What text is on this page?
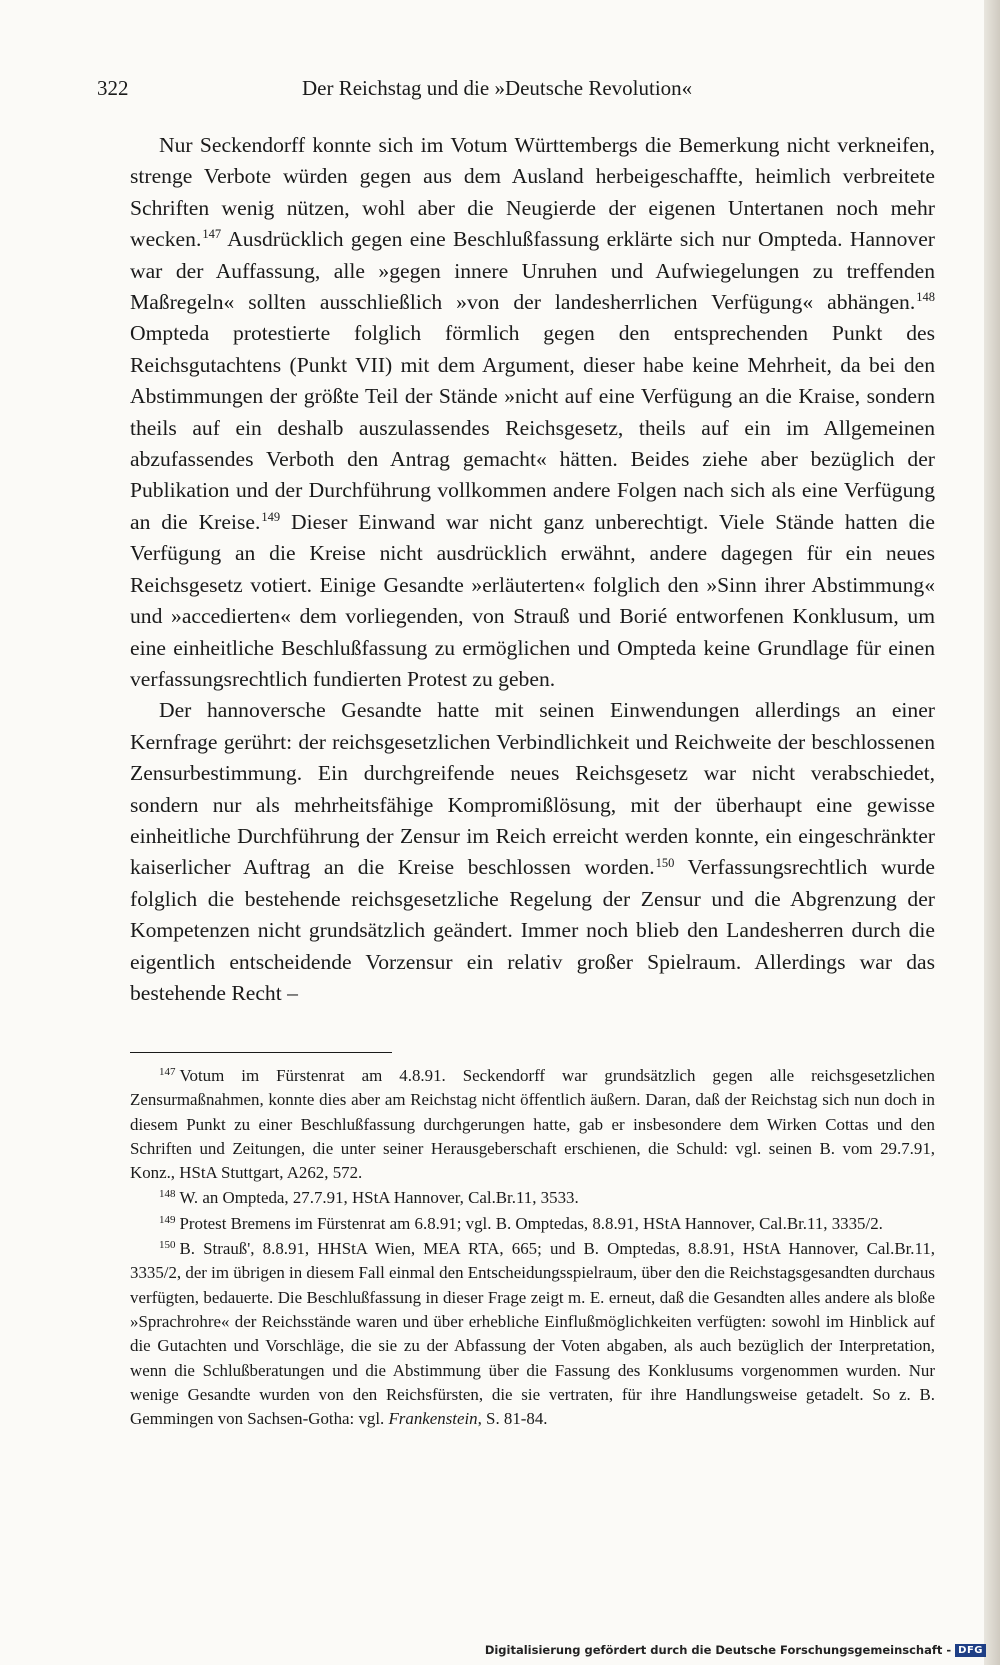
322	Der Reichstag und die »Deutsche Revolution«

Nur Seckendorff konnte sich im Votum Württembergs die Bemerkung nicht verkneifen, strenge Verbote würden gegen aus dem Ausland herbeigeschaffte, heimlich verbreitete Schriften wenig nützen, wohl aber die Neugierde der eigenen Untertanen noch mehr wecken.$^{147}$ Ausdrücklich gegen eine Beschlußfassung erklärte sich nur Ompteda. Hannover war der Auffassung, alle »gegen innere Unruhen und Aufwiegelungen zu treffenden Maßregeln« sollten ausschließlich »von der landesherrlichen Verfügung« abhängen.$^{148}$ Ompteda protestierte folglich förmlich gegen den entsprechenden Punkt des Reichsgutachtens (Punkt VII) mit dem Argument, dieser habe keine Mehrheit, da bei den Abstimmungen der größte Teil der Stände »nicht auf eine Verfügung an die Kraise, sondern theils auf ein deshalb auszulassendes Reichsgesetz, theils auf ein im Allgemeinen abzufassendes Verboth den Antrag gemacht« hätten. Beides ziehe aber bezüglich der Publikation und der Durchführung vollkommen andere Folgen nach sich als eine Verfügung an die Kreise.$^{149}$ Dieser Einwand war nicht ganz unberechtigt. Viele Stände hatten die Verfügung an die Kreise nicht ausdrücklich erwähnt, andere dagegen für ein neues Reichsgesetz votiert. Einige Gesandte »erläuterten« folglich den »Sinn ihrer Abstimmung« und »accedierten« dem vorliegenden, von Strauß und Borié entworfenen Konklusum, um eine einheitliche Beschlußfassung zu ermöglichen und Ompteda keine Grundlage für einen verfassungsrechtlich fundierten Protest zu geben.

Der hannoversche Gesandte hatte mit seinen Einwendungen allerdings an einer Kernfrage gerührt: der reichsgesetzlichen Verbindlichkeit und Reichweite der beschlossenen Zensurbestimmung. Ein durchgreifende neues Reichsgesetz war nicht verabschiedet, sondern nur als mehrheitsfähige Kompromißlösung, mit der überhaupt eine gewisse einheitliche Durchführung der Zensur im Reich erreicht werden konnte, ein eingeschränkter kaiserlicher Auftrag an die Kreise beschlossen worden.$^{150}$ Verfassungsrechtlich wurde folglich die bestehende reichsgesetzliche Regelung der Zensur und die Abgrenzung der Kompetenzen nicht grundsätzlich geändert. Immer noch blieb den Landesherren durch die eigentlich entscheidende Vorzensur ein relativ großer Spielraum. Allerdings war das bestehende Recht –

$^{147}$ Votum im Fürstenrat am 4.8.91. Seckendorff war grundsätzlich gegen alle reichsgesetzlichen Zensurmaßnahmen, konnte dies aber am Reichstag nicht öffentlich äußern. Daran, daß der Reichstag sich nun doch in diesem Punkt zu einer Beschlußfassung durchgerungen hatte, gab er insbesondere dem Wirken Cottas und den Schriften und Zeitungen, die unter seiner Herausgeberschaft erschienen, die Schuld: vgl. seinen B. vom 29.7.91, Konz., HStA Stuttgart, A262, 572.

$^{148}$ W. an Ompteda, 27.7.91, HStA Hannover, Cal.Br.11, 3533.

$^{149}$ Protest Bremens im Fürstenrat am 6.8.91; vgl. B. Omptedas, 8.8.91, HStA Hannover, Cal.Br.11, 3335/2.

$^{150}$ B. Strauß', 8.8.91, HHStA Wien, MEA RTA, 665; und B. Omptedas, 8.8.91, HStA Hannover, Cal.Br.11, 3335/2, der im übrigen in diesem Fall einmal den Entscheidungsspielraum, über den die Reichstagsgesandten durchaus verfügten, bedauerte. Die Beschlußfassung in dieser Frage zeigt m. E. erneut, daß die Gesandten alles andere als bloße »Sprachrohre« der Reichsstände waren und über erhebliche Einflußmöglichkeiten verfügten: sowohl im Hinblick auf die Gutachten und Vorschläge, die sie zu der Abfassung der Voten abgaben, als auch bezüglich der Interpretation, wenn die Schlußberatungen und die Abstimmung über die Fassung des Konklusums vorgenommen wurden. Nur wenige Gesandte wurden von den Reichsfürsten, die sie vertraten, für ihre Handlungsweise getadelt. So z. B. Gemmingen von Sachsen-Gotha: vgl. Frankenstein, S. 81-84.

Digitalisierung gefördert durch die Deutsche Forschungsgemeinschaft - DFG
